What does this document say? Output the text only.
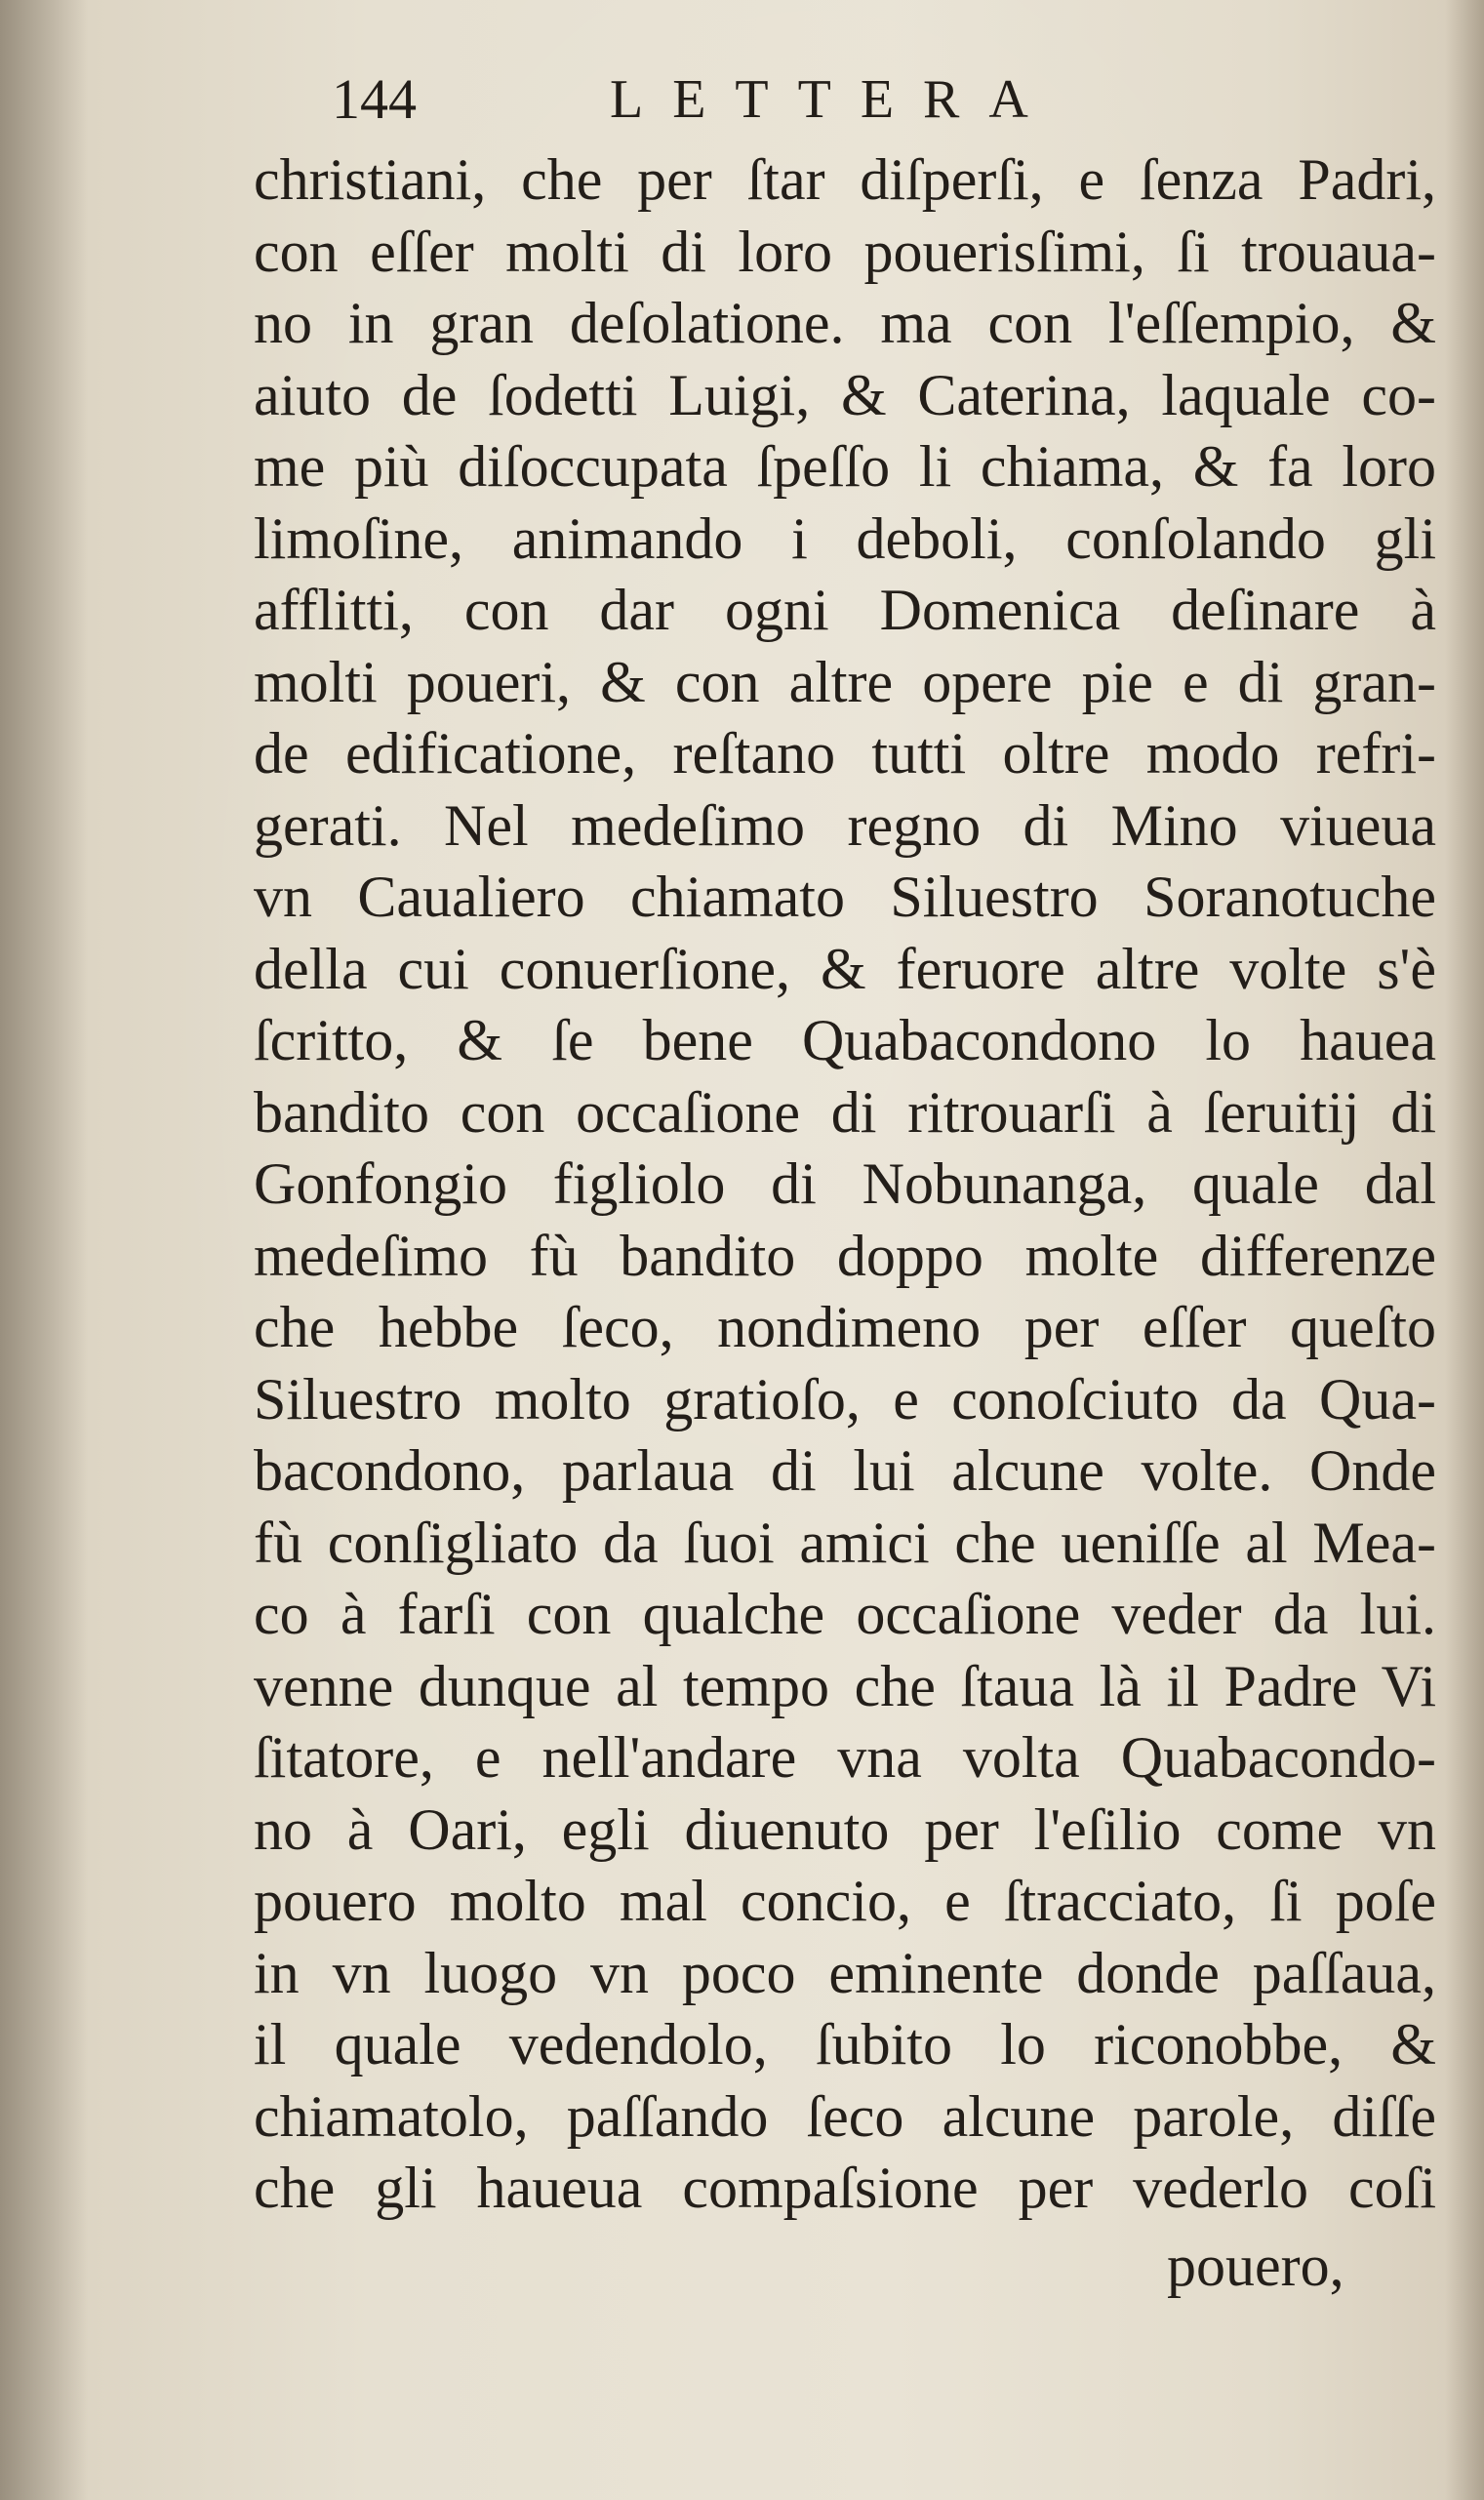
144	LETTERA
christiani, che per ſtar diſperſi, e ſenza Padri,
con eſſer molti di loro pouerisſimi, ſi trouaua-
no in gran deſolatione. ma con l'eſſempio, &
aiuto de ſodetti Luigi, & Caterina, laquale co-
me più diſoccupata ſpeſſo li chiama, & fa loro
limoſine, animando i deboli, conſolando gli
afflitti, con dar ogni Domenica deſinare à
molti poueri, & con altre opere pie e di gran-
de edificatione, reſtano tutti oltre modo refri-
gerati. Nel medeſimo regno di Mino viueua
vn Caualiero chiamato Siluestro Soranotuche
della cui conuerſione, & feruore altre volte s'è
ſcritto, & ſe bene Quabacondono lo haueа
bandito con occaſione di ritrouarſi à ſeruitij di
Gonfongio figliolo di Nobunanga, quale dal
medeſimo fù bandito doppo molte differenze
che hebbe ſeco, nondimeno per eſſer queſto
Siluestro molto gratioſo, e conoſciuto da Qua-
bacondono, parlaua di lui alcune volte. Onde
fù conſigliato da ſuoi amici che ueniſſe al Mea-
co à farſi con qualche occaſione veder da lui.
venne dunque al tempo che ſtaua là il Padre Vi
ſitatore, e nell'andare vna volta Quabacondo-
no à Oari, egli diuenuto per l'eſilio come vn
pouero molto mal concio, e ſtracciato, ſi poſe
in vn luogo vn poco eminente donde paſſaua,
il quale vedendolo, ſubito lo riconobbe, &
chiamatolo, paſſando ſeco alcune parole, diſſe
che gli haueua compaſsione per vederlo coſi
pouero,
